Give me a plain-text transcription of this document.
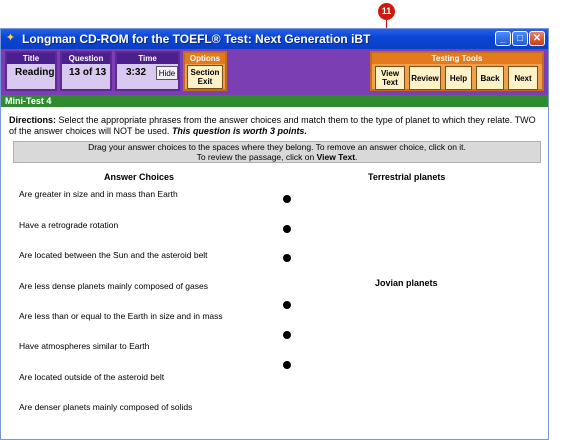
11
✦ Longman CD-ROM for the TOEFL® Test: Next Generation iBT	_	□ ✕
Title
Reading
Question
13 of 13
Time
3:32	Hide
Options
Section Exit
Testing Tools
View Text	Review	Help	Back	Next
Mini-Test 4
Directions: Select the appropriate phrases from the answer choices and match them to the type of planet to which they relate. TWO of the answer choices will NOT be used. This question is worth 3 points.
Drag your answer choices to the spaces where they belong. To remove an answer choice, click on it.
To review the passage, click on View Text.
Answer Choices	Terrestrial planets
Jovian planets
Are greater in size and in mass than Earth
Have a retrograde rotation
Are located between the Sun and the asteroid belt
Are less dense planets mainly composed of gases
Are less than or equal to the Earth in size and in mass
Have atmospheres similar to Earth
Are located outside of the asteroid belt
Are denser planets mainly composed of solids
